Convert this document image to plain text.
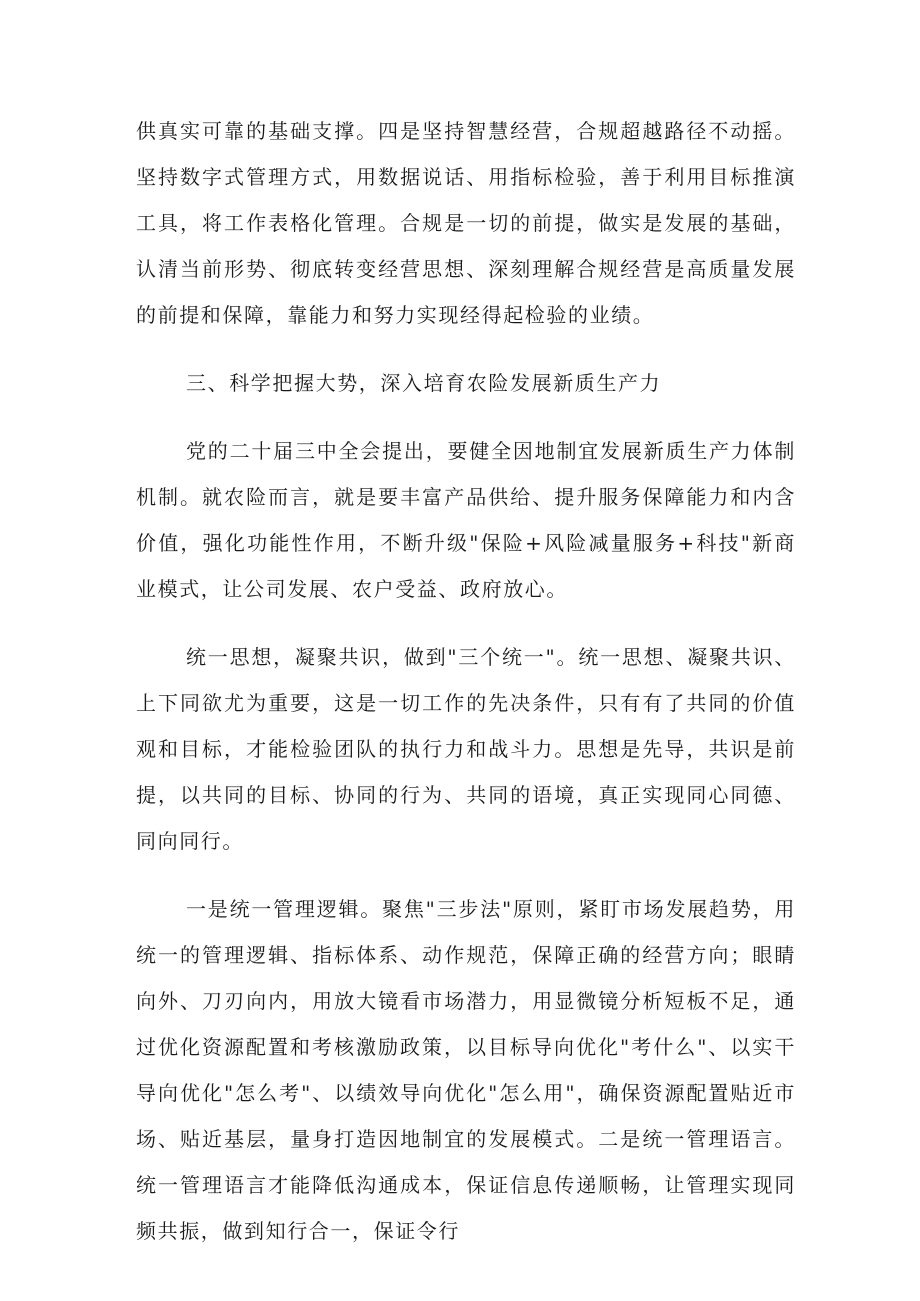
供真实可靠的基础支撑。四是坚持智慧经营，合规超越路径不动摇。坚持数字式管理方式，用数据说话、用指标检验，善于利用目标推演工具，将工作表格化管理。合规是一切的前提，做实是发展的基础，认清当前形势、彻底转变经营思想、深刻理解合规经营是高质量发展的前提和保障，靠能力和努力实现经得起检验的业绩。

三、科学把握大势，深入培育农险发展新质生产力

党的二十届三中全会提出，要健全因地制宜发展新质生产力体制机制。就农险而言，就是要丰富产品供给、提升服务保障能力和内含价值，强化功能性作用，不断升级"保险+风险减量服务+科技"新商业模式，让公司发展、农户受益、政府放心。

统一思想，凝聚共识，做到"三个统一"。统一思想、凝聚共识、上下同欲尤为重要，这是一切工作的先决条件，只有有了共同的价值观和目标，才能检验团队的执行力和战斗力。思想是先导，共识是前提，以共同的目标、协同的行为、共同的语境，真正实现同心同德、同向同行。

一是统一管理逻辑。聚焦"三步法"原则，紧盯市场发展趋势，用统一的管理逻辑、指标体系、动作规范，保障正确的经营方向；眼睛向外、刀刃向内，用放大镜看市场潜力，用显微镜分析短板不足，通过优化资源配置和考核激励政策，以目标导向优化"考什么"、以实干导向优化"怎么考"、以绩效导向优化"怎么用"，确保资源配置贴近市场、贴近基层，量身打造因地制宜的发展模式。二是统一管理语言。统一管理语言才能降低沟通成本，保证信息传递顺畅，让管理实现同频共振，做到知行合一，保证令行
